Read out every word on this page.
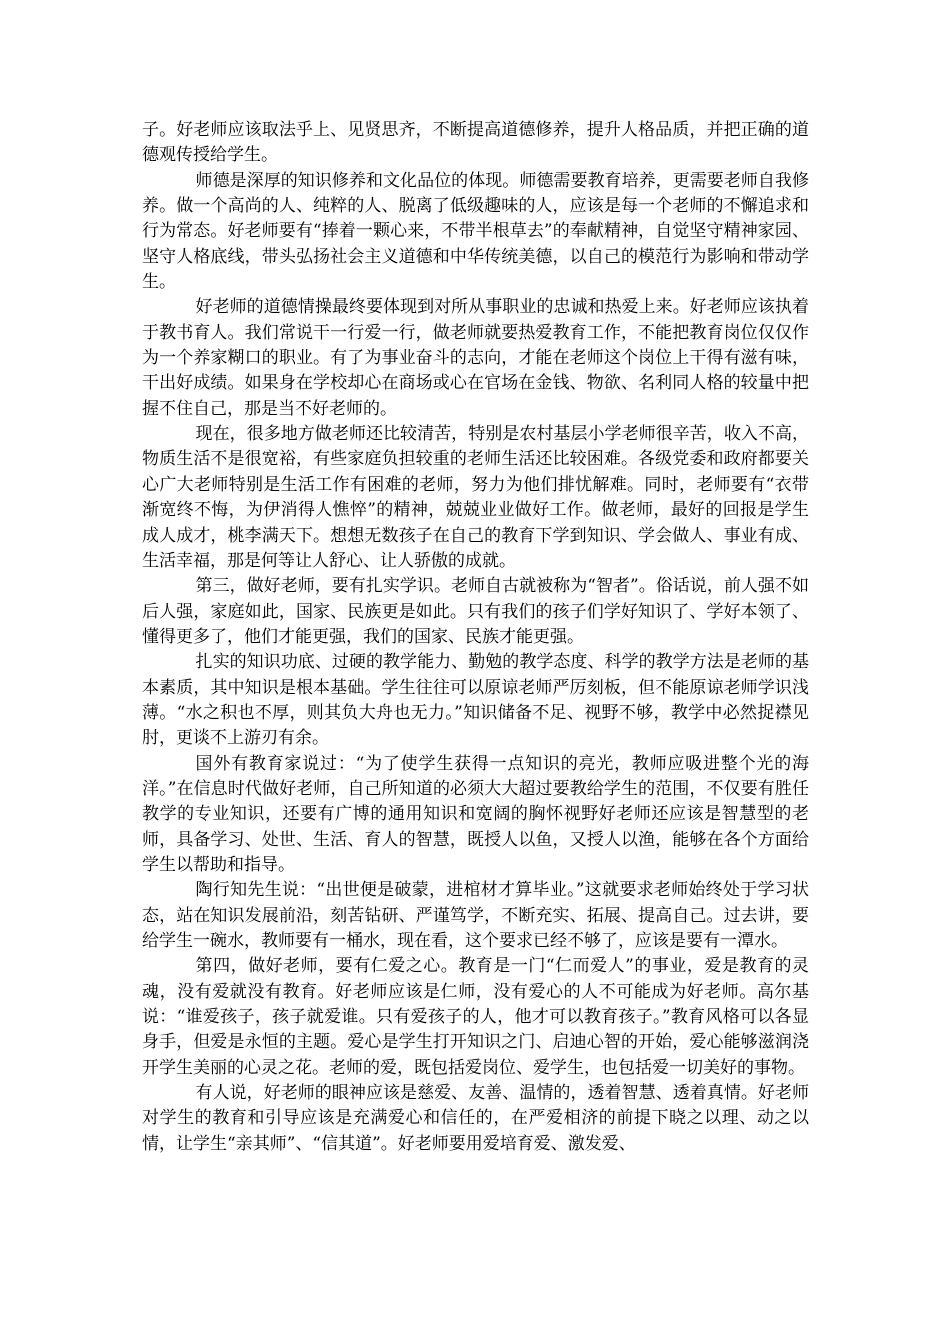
子。好老师应该取法乎上、见贤思齐，不断提高道德修养，提升人格品质，并把正确的道德观传授给学生。

师德是深厚的知识修养和文化品位的体现。师德需要教育培养，更需要老师自我修养。做一个高尚的人、纯粹的人、脱离了低级趣味的人，应该是每一个老师的不懈追求和行为常态。好老师要有“捧着一颗心来，不带半根草去”的奉献精神，自觉坚守精神家园、坚守人格底线，带头弘扬社会主义道德和中华传统美德，以自己的模范行为影响和带动学生。

好老师的道德情操最终要体现到对所从事职业的忠诚和热爱上来。好老师应该执着于教书育人。我们常说干一行爱一行，做老师就要热爱教育工作，不能把教育岗位仅仅作为一个养家糊口的职业。有了为事业奋斗的志向，才能在老师这个岗位上干得有滋有味，干出好成绩。如果身在学校却心在商场或心在官场在金钱、物欲、名利同人格的较量中把握不住自己，那是当不好老师的。

现在，很多地方做老师还比较清苦，特别是农村基层小学老师很辛苦，收入不高，物质生活不是很宽裕，有些家庭负担较重的老师生活还比较困难。各级党委和政府都要关心广大老师特别是生活工作有困难的老师，努力为他们排忧解难。同时，老师要有“衣带渐宽终不悔，为伊消得人憔悴”的精神，兢兢业业做好工作。做老师，最好的回报是学生成人成才，桃李满天下。想想无数孩子在自己的教育下学到知识、学会做人、事业有成、生活幸福，那是何等让人舒心、让人骄傲的成就。

第三，做好老师，要有扎实学识。老师自古就被称为“智者”。俗话说，前人强不如后人强，家庭如此，国家、民族更是如此。只有我们的孩子们学好知识了、学好本领了、懂得更多了，他们才能更强，我们的国家、民族才能更强。

扎实的知识功底、过硬的教学能力、勤勉的教学态度、科学的教学方法是老师的基本素质，其中知识是根本基础。学生往往可以原谅老师严厉刻板，但不能原谅老师学识浅薄。“水之积也不厚，则其负大舟也无力。”知识储备不足、视野不够，教学中必然捉襟见肘，更谈不上游刃有余。

国外有教育家说过：“为了使学生获得一点知识的亮光，教师应吸进整个光的海洋。”在信息时代做好老师，自己所知道的必须大大超过要教给学生的范围，不仅要有胜任教学的专业知识，还要有广博的通用知识和宽阔的胸怀视野好老师还应该是智慧型的老师，具备学习、处世、生活、育人的智慧，既授人以鱼，又授人以渔，能够在各个方面给学生以帮助和指导。

陶行知先生说：“出世便是破蒙，进棺材才算毕业。”这就要求老师始终处于学习状态，站在知识发展前沿，刻苦钻研、严谨笃学，不断充实、拓展、提高自己。过去讲，要给学生一碗水，教师要有一桶水，现在看，这个要求已经不够了，应该是要有一潭水。

第四，做好老师，要有仁爱之心。教育是一门“仁而爱人”的事业，爱是教育的灵魂，没有爱就没有教育。好老师应该是仁师，没有爱心的人不可能成为好老师。高尔基说：“谁爱孩子，孩子就爱谁。只有爱孩子的人，他才可以教育孩子。”教育风格可以各显身手，但爱是永恒的主题。爱心是学生打开知识之门、启迪心智的开始，爱心能够滋润浇开学生美丽的心灵之花。老师的爱，既包括爱岗位、爱学生，也包括爱一切美好的事物。

有人说，好老师的眼神应该是慈爱、友善、温情的，透着智慧、透着真情。好老师对学生的教育和引导应该是充满爱心和信任的，在严爱相济的前提下晓之以理、动之以情，让学生“亲其师”、“信其道”。好老师要用爱培育爱、激发爱、
